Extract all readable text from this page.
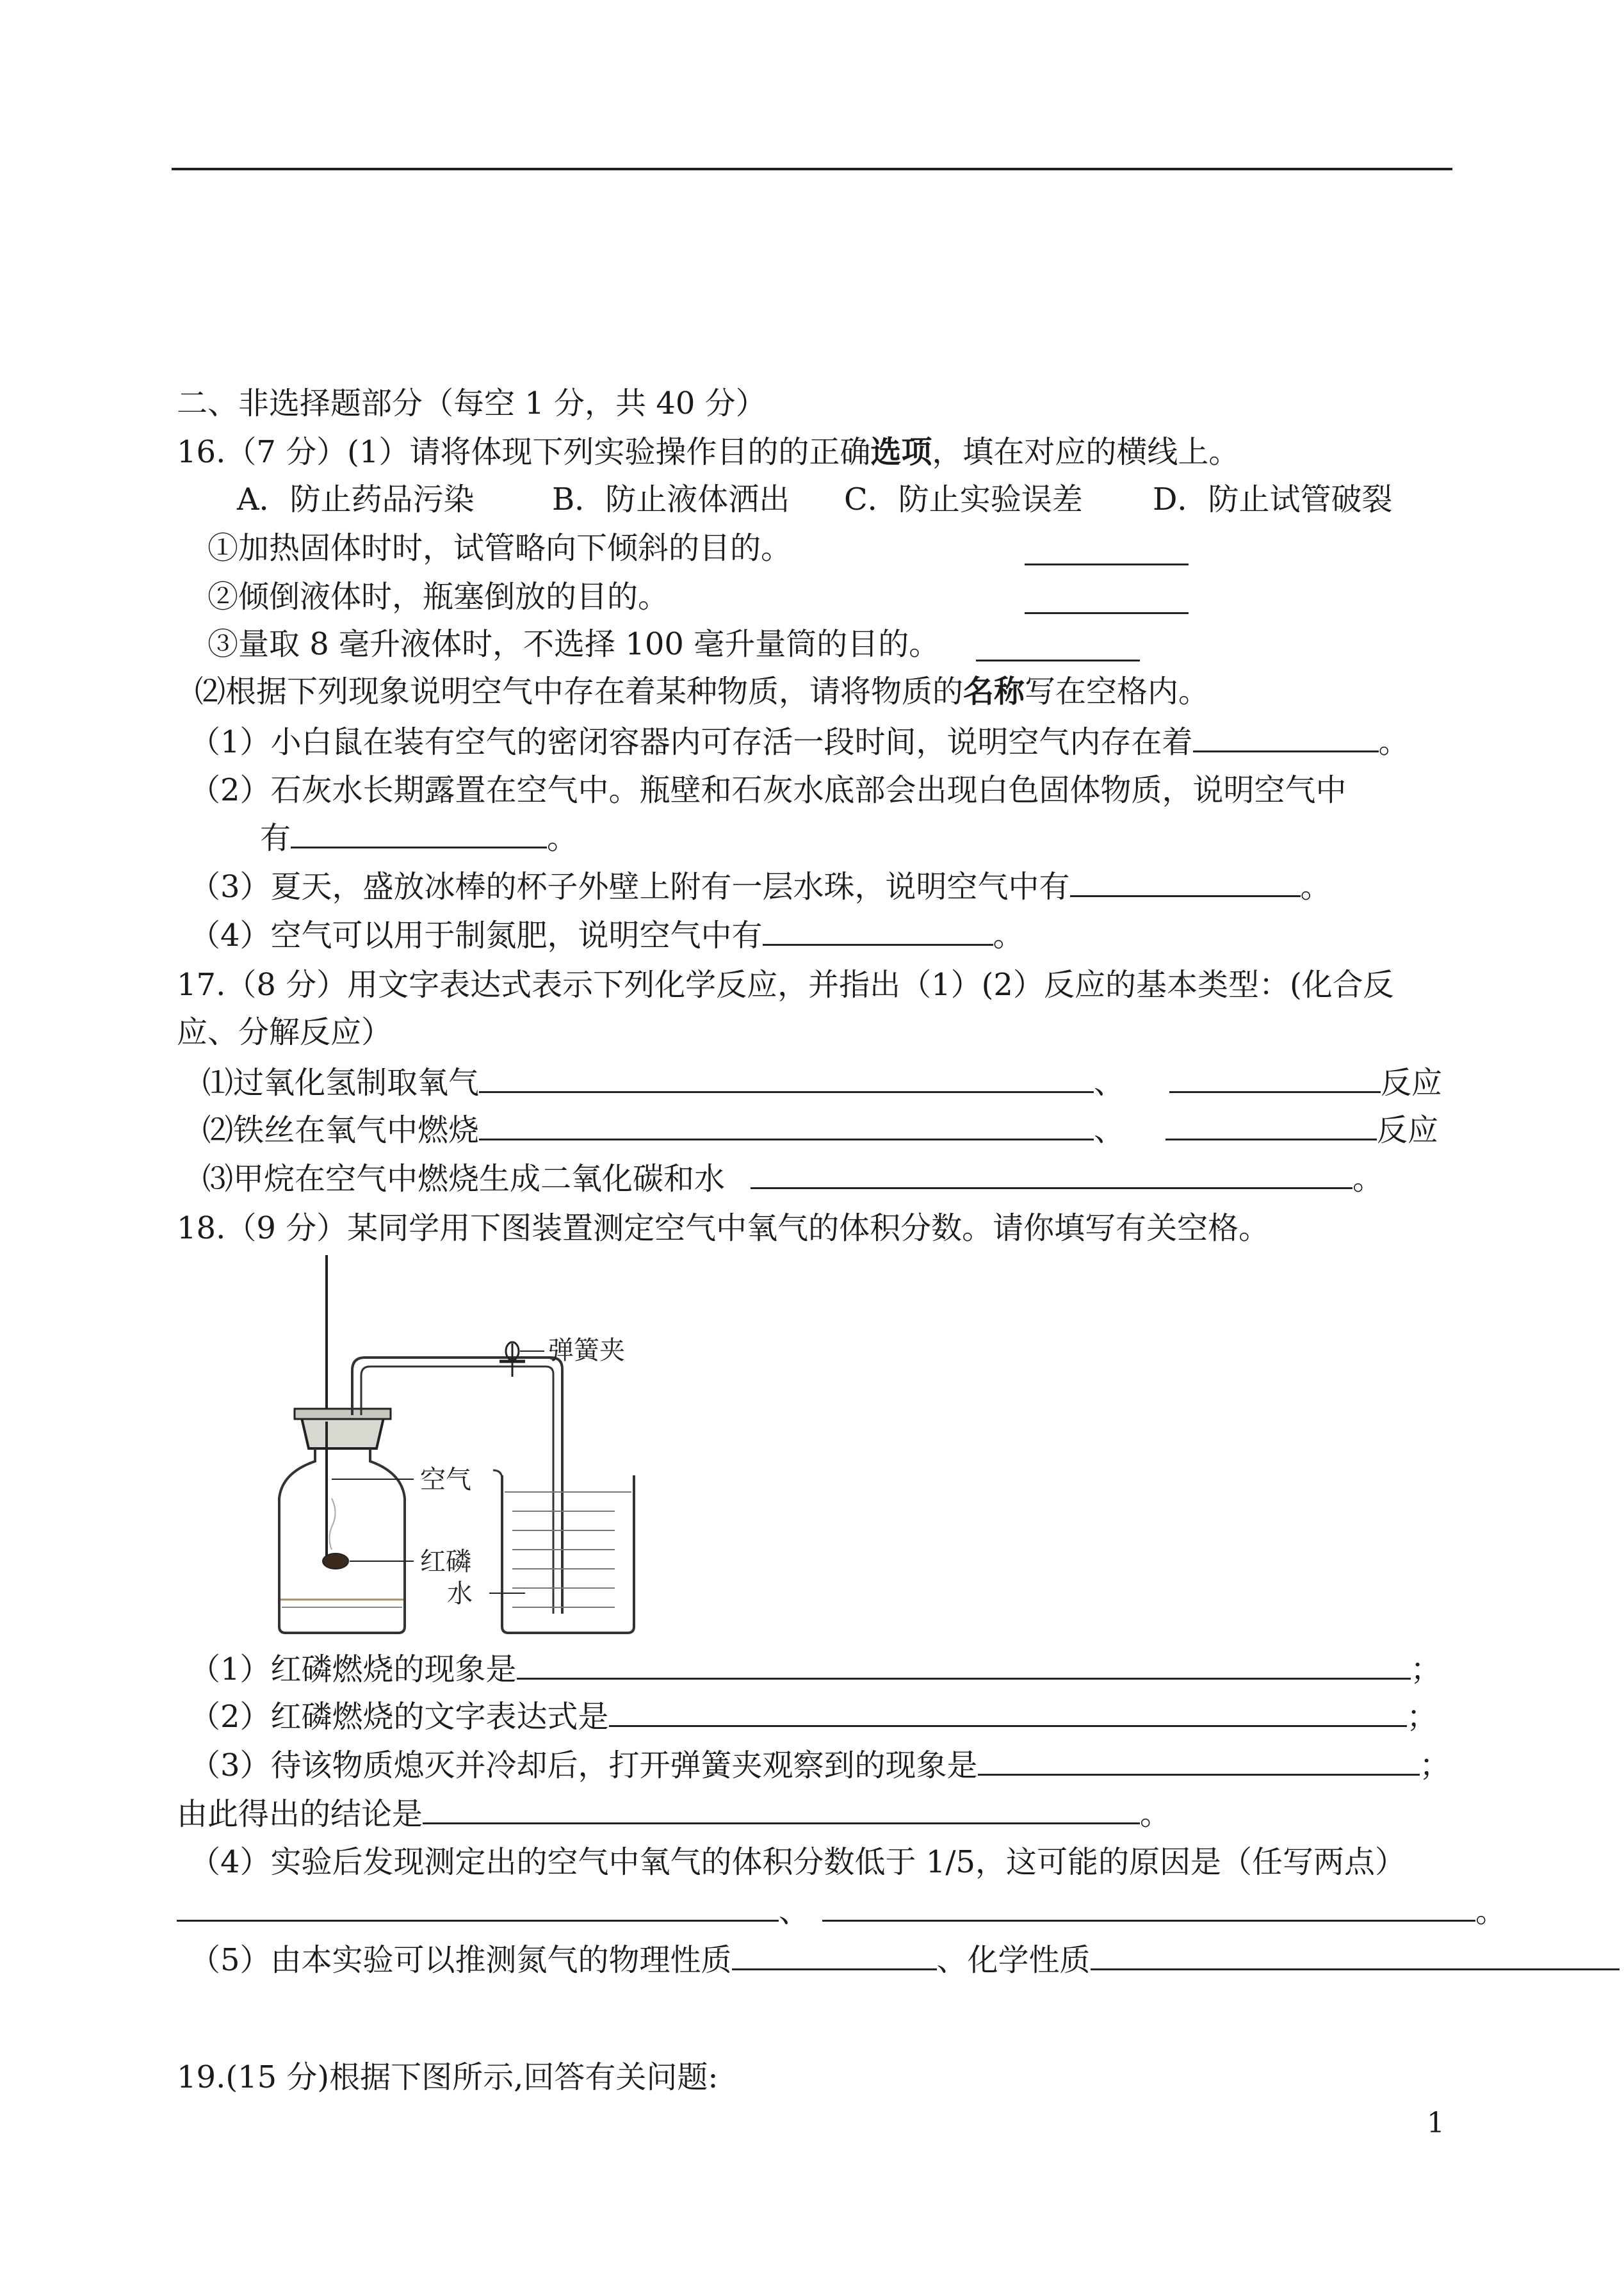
二、非选择题部分（每空 1 分，共 40 分）
16.（7 分）(1）请将体现下列实验操作目的的正确选项，填在对应的横线上。
A．防止药品污染	B．防止液体洒出 C．防止实验误差 D．防止试管破裂
①加热固体时时，试管略向下倾斜的目的。
②倾倒液体时，瓶塞倒放的目的。
③量取 8 毫升液体时，不选择 100 毫升量筒的目的。
⑵根据下列现象说明空气中存在着某种物质，请将物质的名称写在空格内。
（1）小白鼠在装有空气的密闭容器内可存活一段时间，说明空气内存在着	。
（2）石灰水长期露置在空气中。瓶壁和石灰水底部会出现白色固体物质，说明空气中
有	。
（3）夏天，盛放冰棒的杯子外壁上附有一层水珠，说明空气中有	。
（4）空气可以用于制氮肥，说明空气中有	。
17.（8 分）用文字表达式表示下列化学反应，并指出（1）(2）反应的基本类型：(化合反
应、分解反应）
⑴过氧化氢制取氧气	、	反应
⑵铁丝在氧气中燃烧	、	反应
⑶甲烷在空气中燃烧生成二氧化碳和水	。
18.（9 分）某同学用下图装置测定空气中氧气的体积分数。请你填写有关空格。
弹簧夹
空气
红磷
水
（1）红磷燃烧的现象是	；
（2）红磷燃烧的文字表达式是	；
（3）待该物质熄灭并冷却后，打开弹簧夹观察到的现象是	；
由此得出的结论是	。
（4）实验后发现测定出的空气中氧气的体积分数低于 1/5，这可能的原因是（任写两点）
、	。
（5）由本实验可以推测氮气的物理性质	、化学性质
19.(15 分)根据下图所示,回答有关问题:
1
